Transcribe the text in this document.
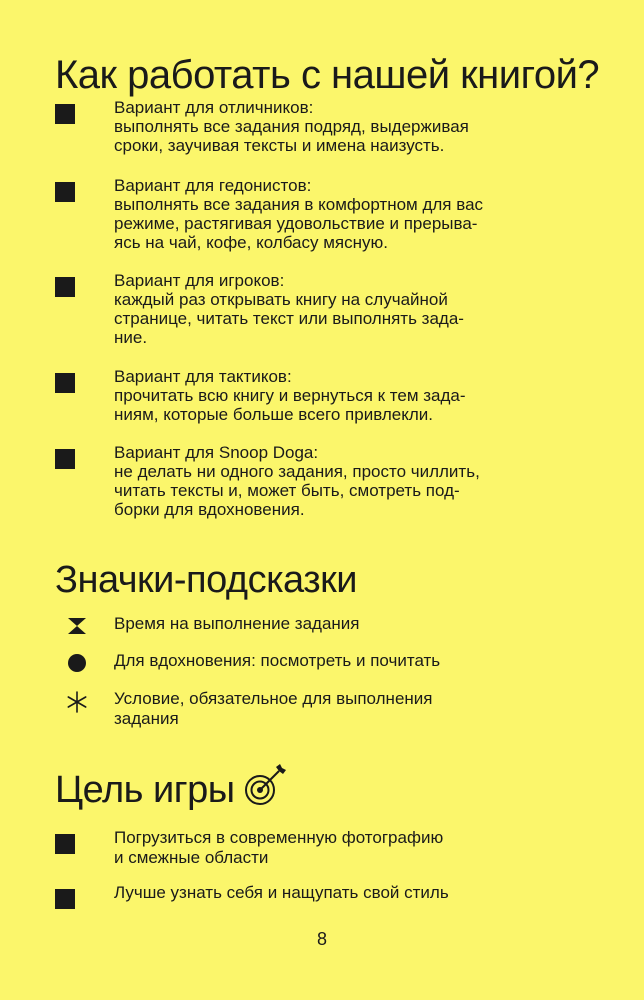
Как работать с нашей книгой?
Вариант для отличников:
выполнять все задания подряд, выдерживая
сроки, заучивая тексты и имена наизусть.
Вариант для гедонистов:
выполнять все задания в комфортном для вас
режиме, растягивая удовольствие и прерыва-
ясь на чай, кофе, колбасу мясную.
Вариант для игроков:
каждый раз открывать книгу на случайной
странице, читать текст или выполнять зада-
ние.
Вариант для тактиков:
прочитать всю книгу и вернуться к тем зада-
ниям, которые больше всего привлекли.
Вариант для Snoop Doga:
не делать ни одного задания, просто чиллить,
читать тексты и, может быть, смотреть под-
борки для вдохновения.
Значки-подсказки
Время на выполнение задания
Для вдохновения: посмотреть и почитать
Условие, обязательное для выполнения
задания
Цель игры
Погрузиться в современную фотографию
и смежные области
Лучше узнать себя и нащупать свой стиль
8
